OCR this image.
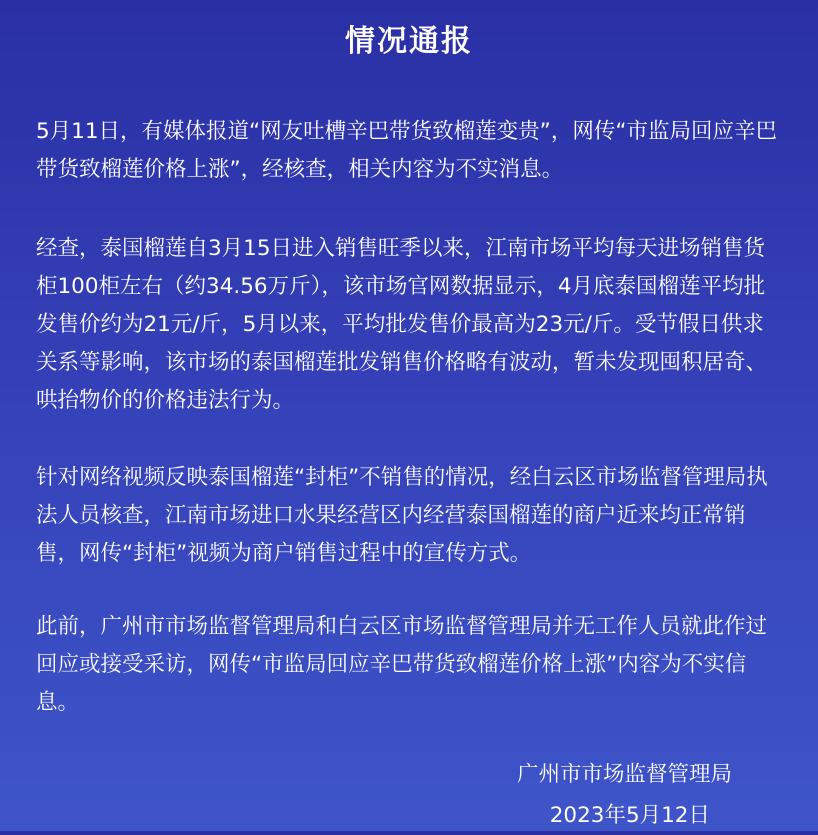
情况通报

5月11日，有媒体报道“网友吐槽辛巴带货致榴莲变贵”，网传“市监局回应辛巴带货致榴莲价格上涨”，经核查，相关内容为不实消息。

经查，泰国榴莲自3月15日进入销售旺季以来，江南市场平均每天进场销售货柜100柜左右（约34.56万斤），该市场官网数据显示，4月底泰国榴莲平均批发售价约为21元/斤，5月以来，平均批发售价最高为23元/斤。受节假日供求关系等影响，该市场的泰国榴莲批发销售价格略有波动，暂未发现囤积居奇、哄抬物价的价格违法行为。

针对网络视频反映泰国榴莲“封柜”不销售的情况，经白云区市场监督管理局执法人员核查，江南市场进口水果经营区内经营泰国榴莲的商户近来均正常销售，网传“封柜”视频为商户销售过程中的宣传方式。

此前，广州市市场监督管理局和白云区市场监督管理局并无工作人员就此作过回应或接受采访，网传“市监局回应辛巴带货致榴莲价格上涨”内容为不实信息。

广州市市场监督管理局
2023年5月12日
